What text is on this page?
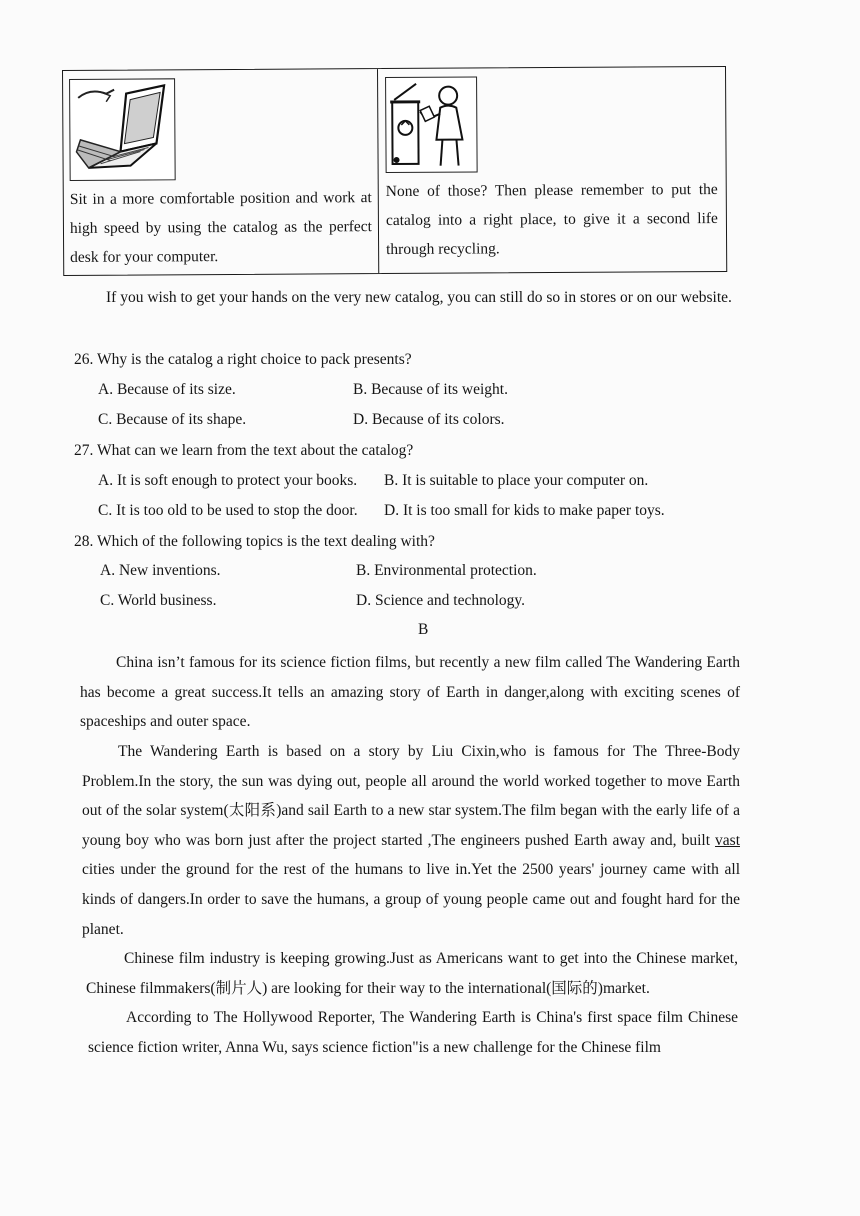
Sit in a more comfortable position and work at high speed by using the catalog as the perfect desk for your computer.
None of those? Then please remember to put the catalog into a right place, to give it a second life through recycling.
If you wish to get your hands on the very new catalog, you can still do so in stores or on our website.
26. Why is the catalog a right choice to pack presents?
A. Because of its size.	B. Because of its weight.
C. Because of its shape.	D. Because of its colors.
27. What can we learn from the text about the catalog?
A. It is soft enough to protect your books. B. It is suitable to place your computer on.
C. It is too old to be used to stop the door. D. It is too small for kids to make paper toys.
28. Which of the following topics is the text dealing with?
A. New inventions.	B. Environmental protection.
C. World business.	D. Science and technology.
B
China isn’t famous for its science fiction films, but recently a new film called The Wandering Earth has become a great success.It tells an amazing story of Earth in danger,along with exciting scenes of spaceships and outer space.
The Wandering Earth is based on a story by Liu Cixin,who is famous for The Three-Body Problem.In the story, the sun was dying out, people all around the world worked together to move Earth out of the solar system(太阳系)and sail Earth to a new star system.The film began with the early life of a young boy who was born just after the project started ,The engineers pushed Earth away and, built vast cities under the ground for the rest of the humans to live in.Yet the 2500 years' journey came with all kinds of dangers.In order to save the humans, a group of young people came out and fought hard for the planet.
Chinese film industry is keeping growing.Just as Americans want to get into the Chinese market, Chinese filmmakers(制片人) are looking for their way to the international(国际的)market.
According to The Hollywood Reporter, The Wandering Earth is China's first space film Chinese science fiction writer, Anna Wu, says science fiction"is a new challenge for the Chinese film
